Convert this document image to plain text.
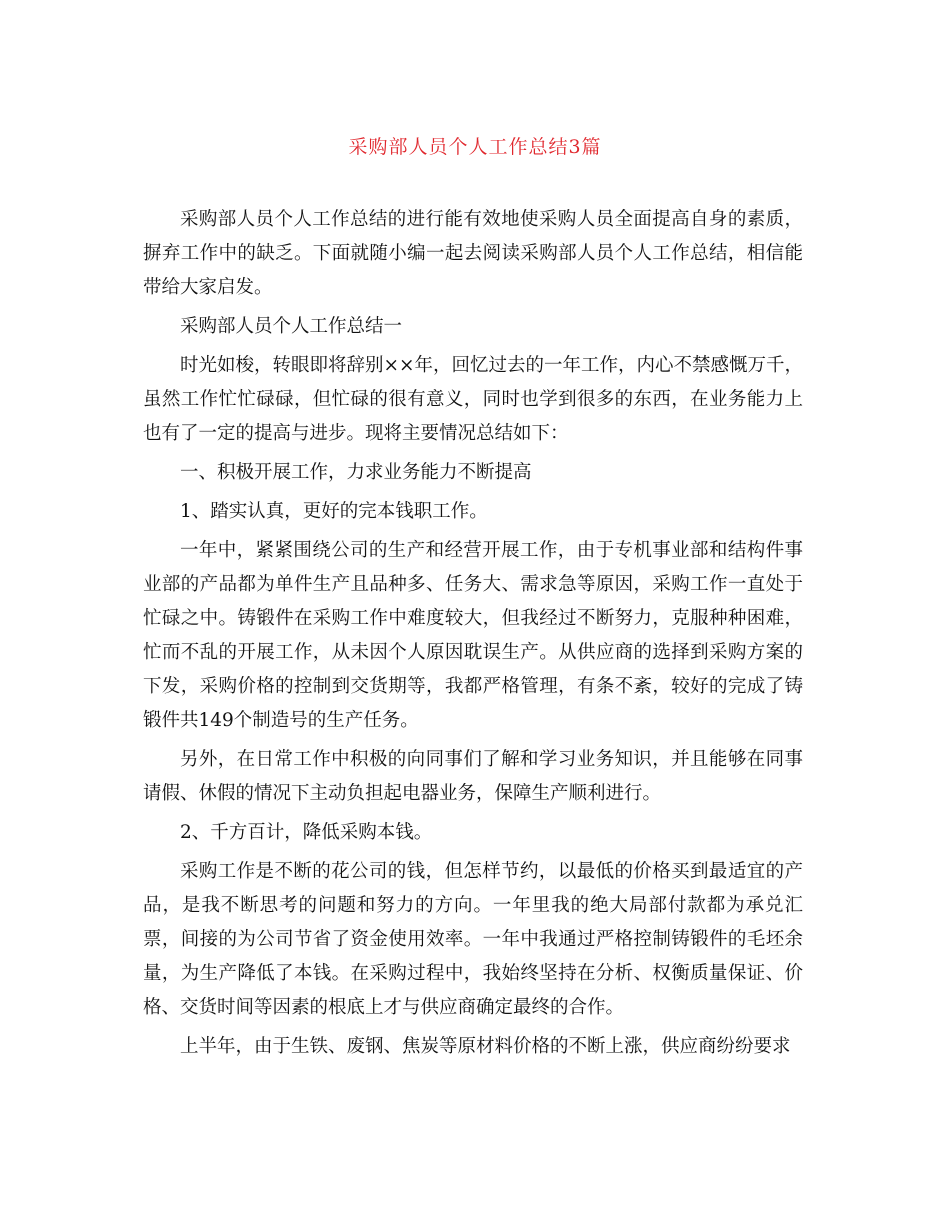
采购部人员个人工作总结3篇

采购部人员个人工作总结的进行能有效地使采购人员全面提高自身的素质，摒弃工作中的缺乏。下面就随小编一起去阅读采购部人员个人工作总结，相信能带给大家启发。

采购部人员个人工作总结一

时光如梭，转眼即将辞别××年，回忆过去的一年工作，内心不禁感慨万千，虽然工作忙忙碌碌，但忙碌的很有意义，同时也学到很多的东西，在业务能力上也有了一定的提高与进步。现将主要情况总结如下：

一、积极开展工作，力求业务能力不断提高

1、踏实认真，更好的完本钱职工作。

一年中，紧紧围绕公司的生产和经营开展工作，由于专机事业部和结构件事业部的产品都为单件生产且品种多、任务大、需求急等原因，采购工作一直处于忙碌之中。铸锻件在采购工作中难度较大，但我经过不断努力，克服种种困难，忙而不乱的开展工作，从未因个人原因耽误生产。从供应商的选择到采购方案的下发，采购价格的控制到交货期等，我都严格管理，有条不紊，较好的完成了铸锻件共149个制造号的生产任务。

另外，在日常工作中积极的向同事们了解和学习业务知识，并且能够在同事请假、休假的情况下主动负担起电器业务，保障生产顺利进行。

2、千方百计，降低采购本钱。

采购工作是不断的花公司的钱，但怎样节约，以最低的价格买到最适宜的产品，是我不断思考的问题和努力的方向。一年里我的绝大局部付款都为承兑汇票，间接的为公司节省了资金使用效率。一年中我通过严格控制铸锻件的毛坯余量，为生产降低了本钱。在采购过程中，我始终坚持在分析、权衡质量保证、价格、交货时间等因素的根底上才与供应商确定最终的合作。

上半年，由于生铁、废钢、焦炭等原材料价格的不断上涨，供应商纷纷要求
